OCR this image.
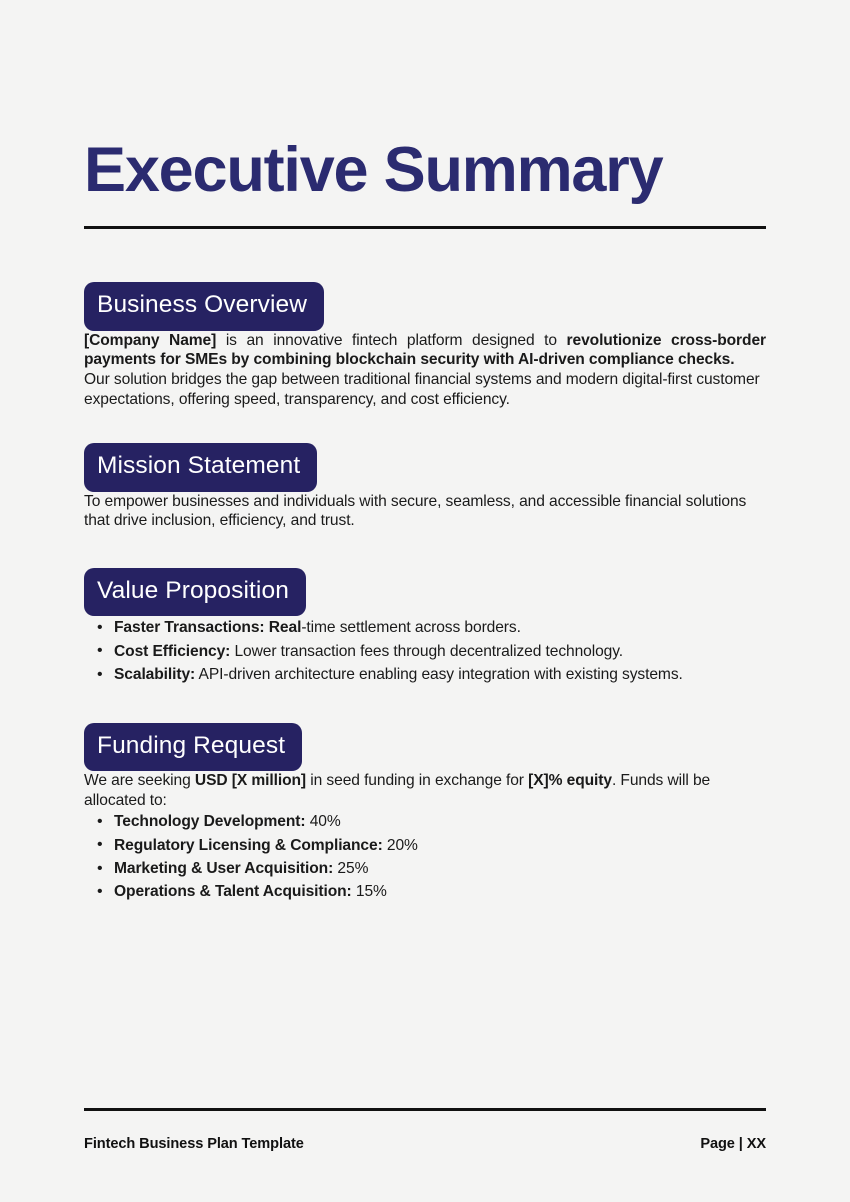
Executive Summary
Business Overview

[Company Name] is an innovative fintech platform designed to revolutionize cross-border payments for SMEs by combining blockchain security with AI-driven compliance checks.

Our solution bridges the gap between traditional financial systems and modern digital-first customer expectations, offering speed, transparency, and cost efficiency.

Mission Statement

To empower businesses and individuals with secure, seamless, and accessible financial solutions that drive inclusion, efficiency, and trust.

Value Proposition
• Faster Transactions: Real-time settlement across borders.
• Cost Efficiency: Lower transaction fees through decentralized technology.
• Scalability: API-driven architecture enabling easy integration with existing systems.
Funding Request

We are seeking USD [X million] in seed funding in exchange for [X]% equity. Funds will be allocated to:

• Technology Development: 40%
• Regulatory Licensing & Compliance: 20%
• Marketing & User Acquisition: 25%
• Operations & Talent Acquisition: 15%
Fintech Business Plan Template	Page | XX
